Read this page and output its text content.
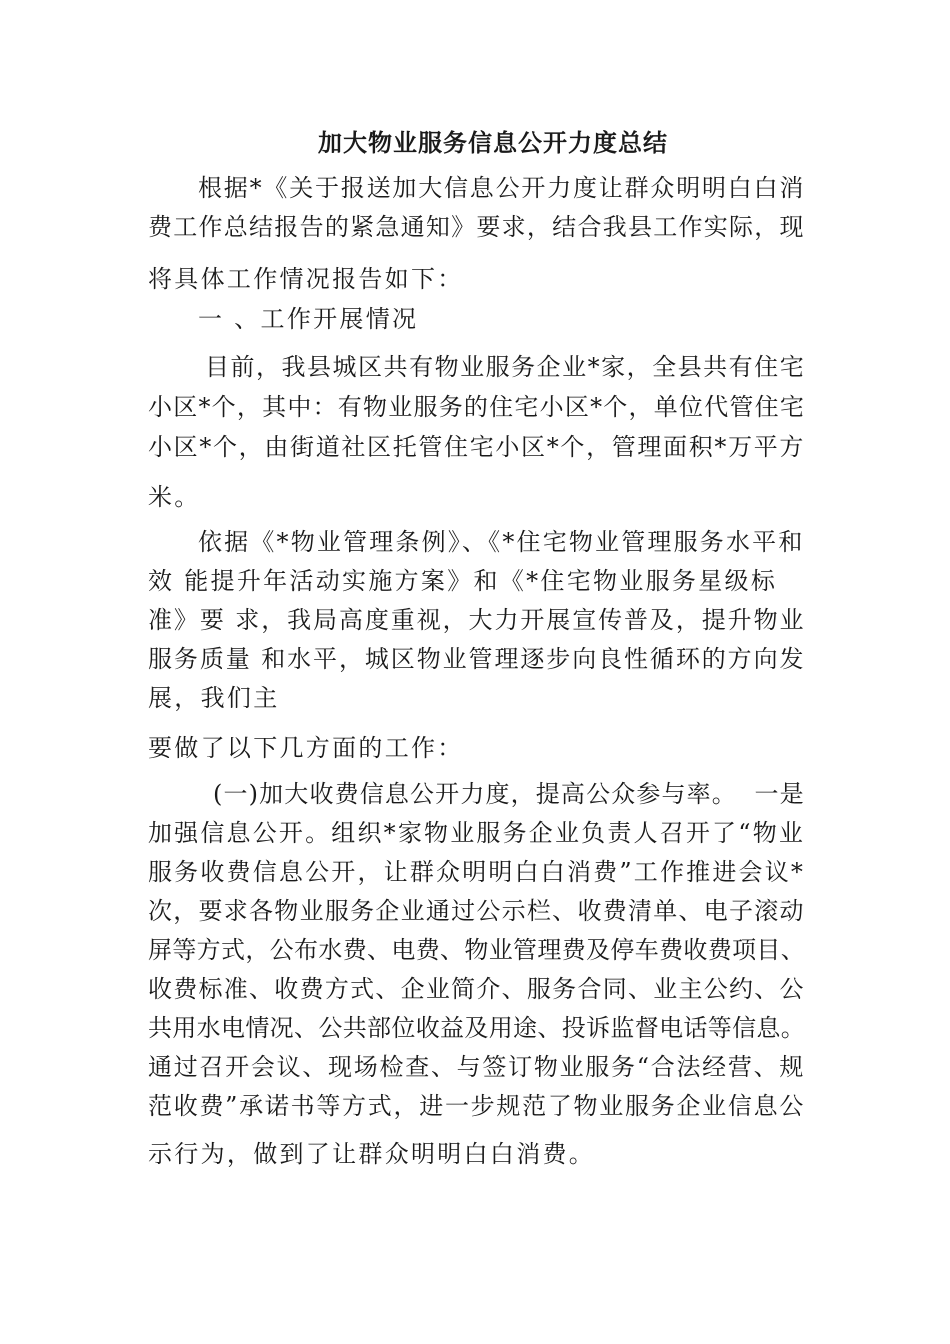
加大物业服务信息公开力度总结
根据*《关于报送加大信息公开力度让群众明明白白消
费工作总结报告的紧急通知》要求，结合我县工作实际，现
将具体工作情况报告如下：
一 、工作开展情况
目前，我县城区共有物业服务企业*家，全县共有住宅
小区*个，其中：有物业服务的住宅小区*个，单位代管住宅
小区*个，由街道社区托管住宅小区*个，管理面积*万平方
米。
依据《*物业管理条例》、《*住宅物业管理服务水平和
效 能提升年活动实施方案》和《*住宅物业服务星级标
准》要 求，我局高度重视，大力开展宣传普及，提升物业
服务质量 和水平，城区物业管理逐步向良性循环的方向发
展，我们主
要做了以下几方面的工作：
(一)加大收费信息公开力度，提高公众参与率。  一是
加强信息公开。组织*家物业服务企业负责人召开了“物业
服务收费信息公开，让群众明明白白消费”工作推进会议*
次，要求各物业服务企业通过公示栏、收费清单、电子滚动
屏等方式，公布水费、电费、物业管理费及停车费收费项目、
收费标准、收费方式、企业简介、服务合同、业主公约、公
共用水电情况、公共部位收益及用途、投诉监督电话等信息。
通过召开会议、现场检查、与签订物业服务“合法经营、规
范收费”承诺书等方式，进一步规范了物业服务企业信息公
示行为，做到了让群众明明白白消费。
